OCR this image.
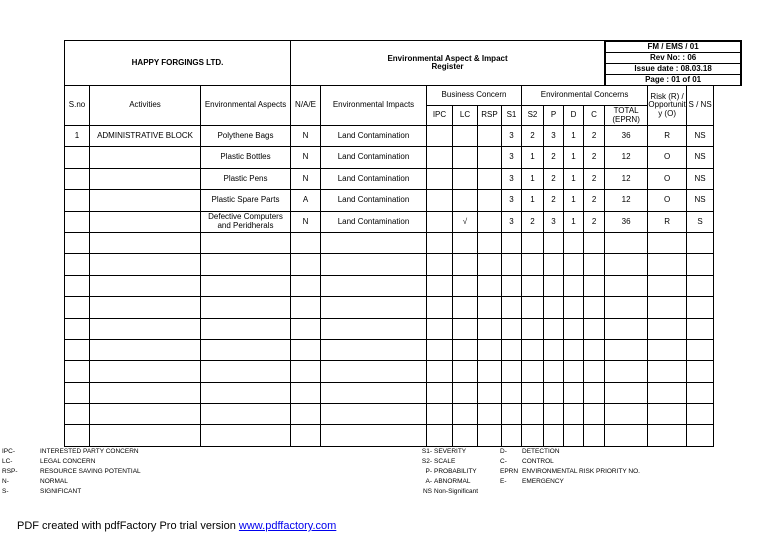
HAPPY FORGINGS LTD.	Environmental Aspect & Impact
Register

FM / EMS / 01
Rev No: : 06
Issue date : 08.03.18
Page : 01 of 01

S.no	Activities	Environmental Aspects	N/A/E	Environmental Impacts	Business Concern	Environmental Concerns	Risk (R) / Opportunit y (O)	S / NS
IPC	LC	RSP	S1	S2	P	D	C	TOTAL (EPRN)
1	ADMINISTRATIVE BLOCK	Polythene Bags	N	Land Contamination				3	2	3	1	2	36	R	NS
		Plastic Bottles	N	Land Contamination				3	1	2	1	2	12	O	NS
		Plastic Pens	N	Land Contamination				3	1	2	1	2	12	O	NS
		Plastic Spare Parts	A	Land Contamination				3	1	2	1	2	12	O	NS
		Defective Computers and Peridherals	N	Land Contamination		√		3	2	3	1	2	36	R	S

IPC-	INTERESTED PARTY CONCERN
LC-	LEGAL CONCERN
RSP-	RESOURCE SAVING POTENTIAL
N-	NORMAL
S-	SIGNIFICANT
S1- SEVERITY
S2- SCALE
P- PROBABILITY
A- ABNORMAL
NS Non-Significant
D- DETECTION
C- CONTROL
EPRN ENVIRONMENTAL RISK PRIORITY NO.
E- EMERGENCY
PDF created with pdfFactory Pro trial version www.pdffactory.com
